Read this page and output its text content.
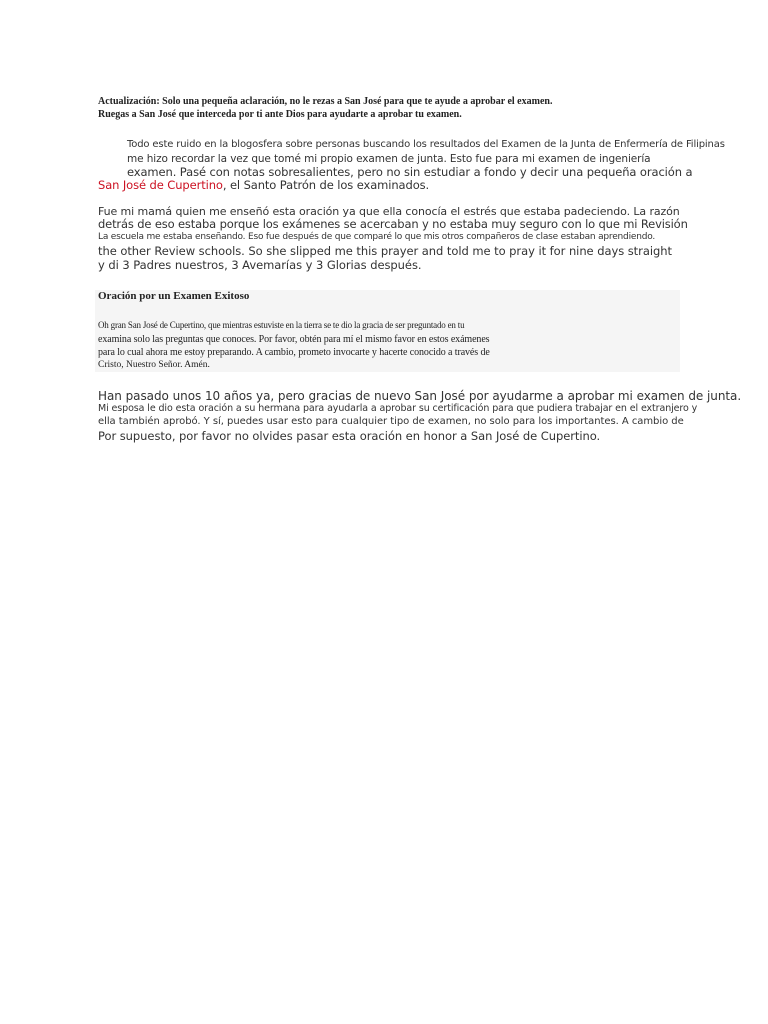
Actualización: Solo una pequeña aclaración, no le rezas a San José para que te ayude a aprobar el examen.
Ruegas a San José que interceda por ti ante Dios para ayudarte a aprobar tu examen.
Todo este ruido en la blogosfera sobre personas buscando los resultados del Examen de la Junta de Enfermería de Filipinas
me hizo recordar la vez que tomé mi propio examen de junta. Esto fue para mi examen de ingeniería
examen. Pasé con notas sobresalientes, pero no sin estudiar a fondo y decir una pequeña oración a
San José de Cupertino, el Santo Patrón de los examinados.
Fue mi mamá quien me enseñó esta oración ya que ella conocía el estrés que estaba padeciendo. La razón
detrás de eso estaba porque los exámenes se acercaban y no estaba muy seguro con lo que mi Revisión
La escuela me estaba enseñando. Eso fue después de que comparé lo que mis otros compañeros de clase estaban aprendiendo.
the other Review schools. So she slipped me this prayer and told me to pray it for nine days straight
y di 3 Padres nuestros, 3 Avemarías y 3 Glorias después.
Oración por un Examen Exitoso
Oh gran San José de Cupertino, que mientras estuviste en la tierra se te dio la gracia de ser preguntado en tu
examina solo las preguntas que conoces. Por favor, obtén para mí el mismo favor en estos exámenes
para lo cual ahora me estoy preparando. A cambio, prometo invocarte y hacerte conocido a través de
Cristo, Nuestro Señor. Amén.
Han pasado unos 10 años ya, pero gracias de nuevo San José por ayudarme a aprobar mi examen de junta.
Mi esposa le dio esta oración a su hermana para ayudarla a aprobar su certificación para que pudiera trabajar en el extranjero y
ella también aprobó. Y sí, puedes usar esto para cualquier tipo de examen, no solo para los importantes. A cambio de
Por supuesto, por favor no olvides pasar esta oración en honor a San José de Cupertino.
